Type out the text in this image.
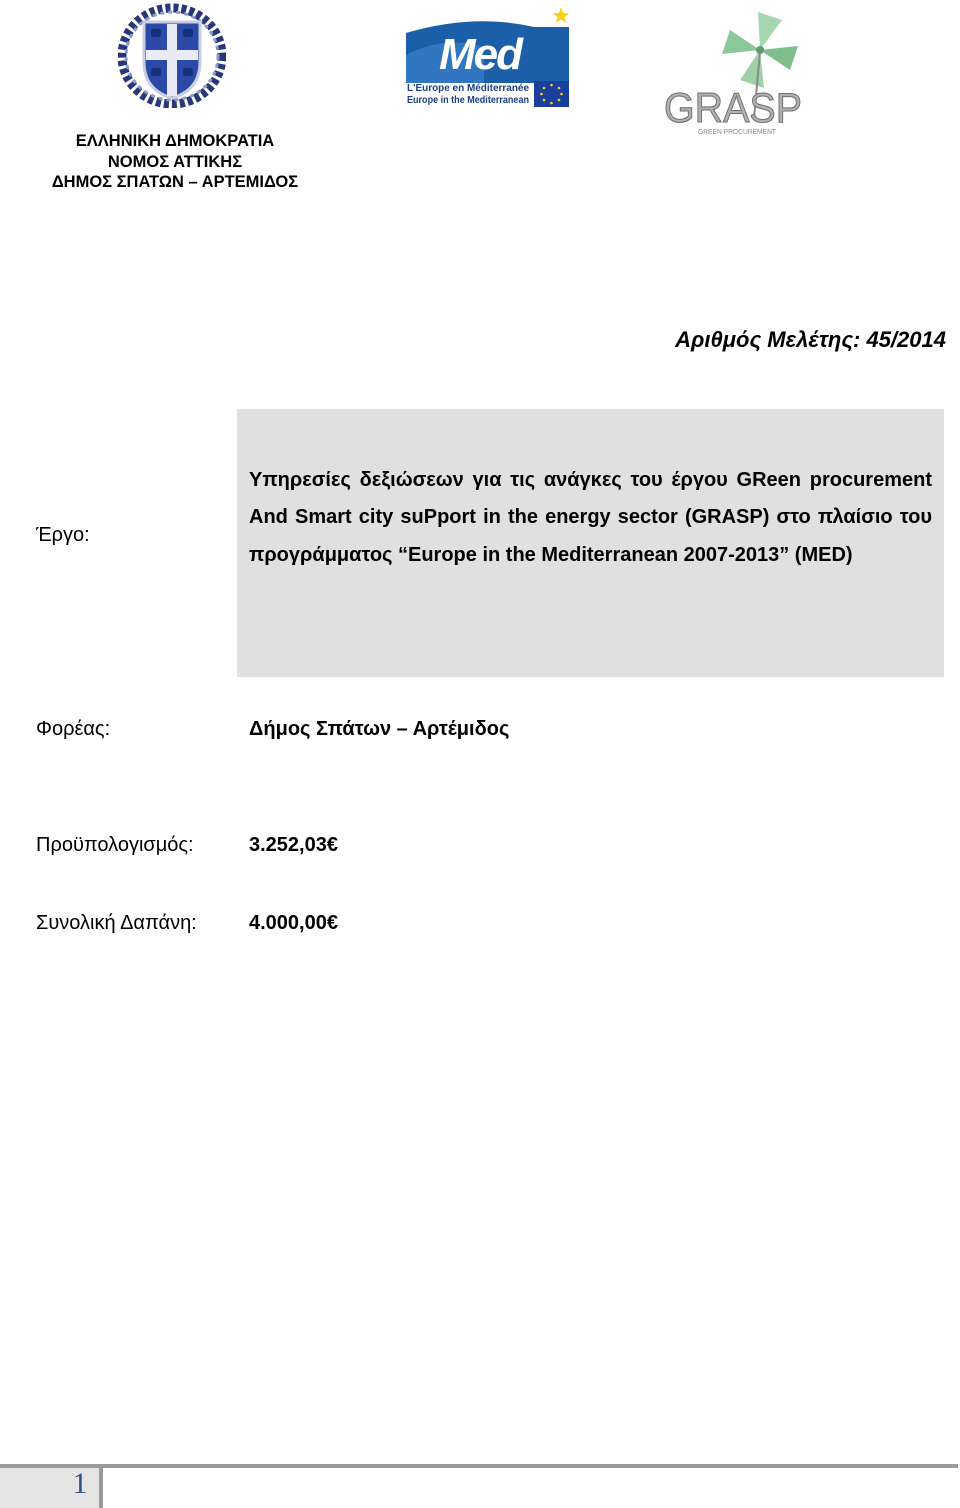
Med
L'Europe en Méditerranée
Europe in the Mediterranean	GRASP
GREEN PROCUREMENT
ΕΛΛΗΝΙΚΗ ΔΗΜΟΚΡΑΤΙΑ
ΝΟΜΟΣ ΑΤΤΙΚΗΣ
ΔΗΜΟΣ ΣΠΑΤΩΝ – ΑΡΤΕΜΙΔΟΣ
Αριθμός Μελέτης: 45/2014
Έργο:
Υπηρεσίες δεξιώσεων για τις ανάγκες του έργου GReen procurement And Smart city suPport in the energy sector (GRASP) στο πλαίσιο του προγράμματος “Europe in the Mediterranean 2007-2013” (MED)
Φορέας:	Δήμος Σπάτων – Αρτέμιδος
Προϋπολογισμός:	3.252,03€
Συνολική Δαπάνη:	4.000,00€
1
